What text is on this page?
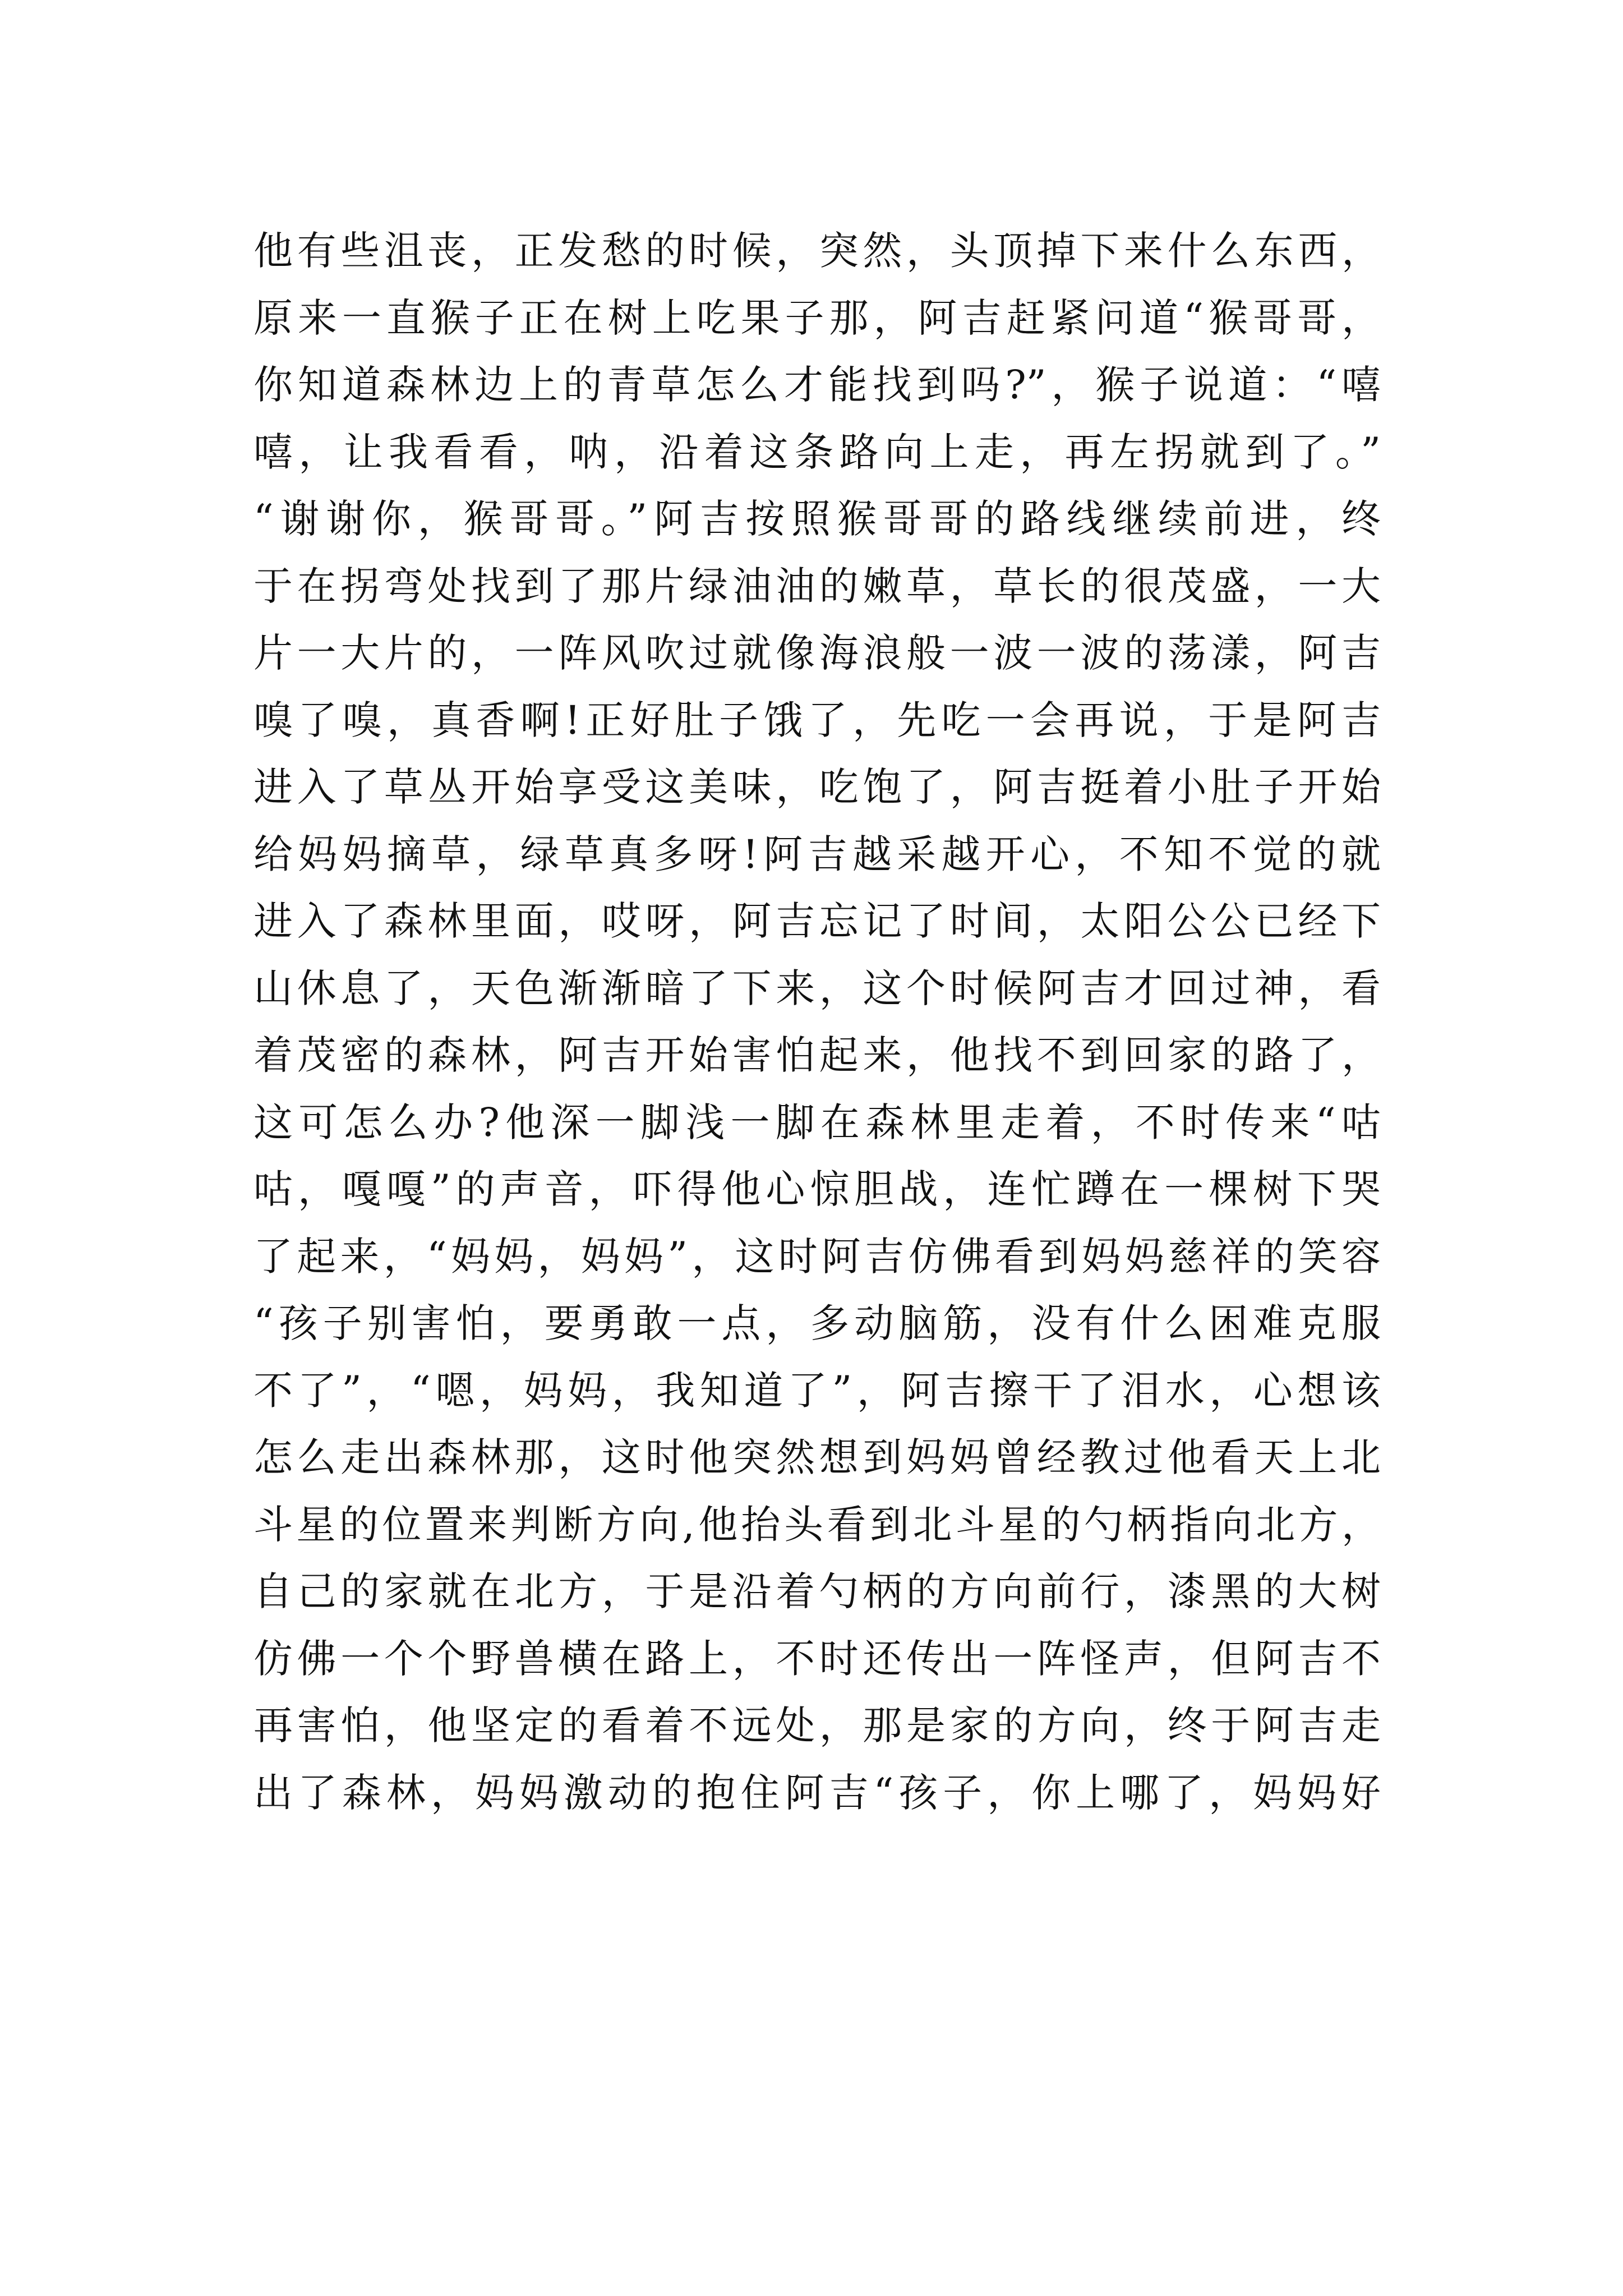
他有些沮丧，正发愁的时候，突然，头顶掉下来什么东西，
原来一直猴子正在树上吃果子那，阿吉赶紧问道“猴哥哥，
你知道森林边上的青草怎么才能找到吗?”，猴子说道：“嘻
嘻，让我看看，呐，沿着这条路向上走，再左拐就到了。”
“谢谢你，猴哥哥。”阿吉按照猴哥哥的路线继续前进，终
于在拐弯处找到了那片绿油油的嫩草，草长的很茂盛，一大
片一大片的，一阵风吹过就像海浪般一波一波的荡漾，阿吉
嗅了嗅，真香啊!正好肚子饿了，先吃一会再说，于是阿吉
进入了草丛开始享受这美味，吃饱了，阿吉挺着小肚子开始
给妈妈摘草，绿草真多呀!阿吉越采越开心，不知不觉的就
进入了森林里面，哎呀，阿吉忘记了时间，太阳公公已经下
山休息了，天色渐渐暗了下来，这个时候阿吉才回过神，看
着茂密的森林，阿吉开始害怕起来，他找不到回家的路了，
这可怎么办?他深一脚浅一脚在森林里走着，不时传来“咕
咕，嘎嘎”的声音，吓得他心惊胆战，连忙蹲在一棵树下哭
了起来，“妈妈，妈妈”，这时阿吉仿佛看到妈妈慈祥的笑容
“孩子别害怕，要勇敢一点，多动脑筋，没有什么困难克服
不了”，“嗯，妈妈，我知道了”，阿吉擦干了泪水，心想该
怎么走出森林那，这时他突然想到妈妈曾经教过他看天上北
斗星的位置来判断方向,他抬头看到北斗星的勺柄指向北方，
自己的家就在北方，于是沿着勺柄的方向前行，漆黑的大树
仿佛一个个野兽横在路上，不时还传出一阵怪声，但阿吉不
再害怕，他坚定的看着不远处，那是家的方向，终于阿吉走
出了森林，妈妈激动的抱住阿吉“孩子，你上哪了，妈妈好
